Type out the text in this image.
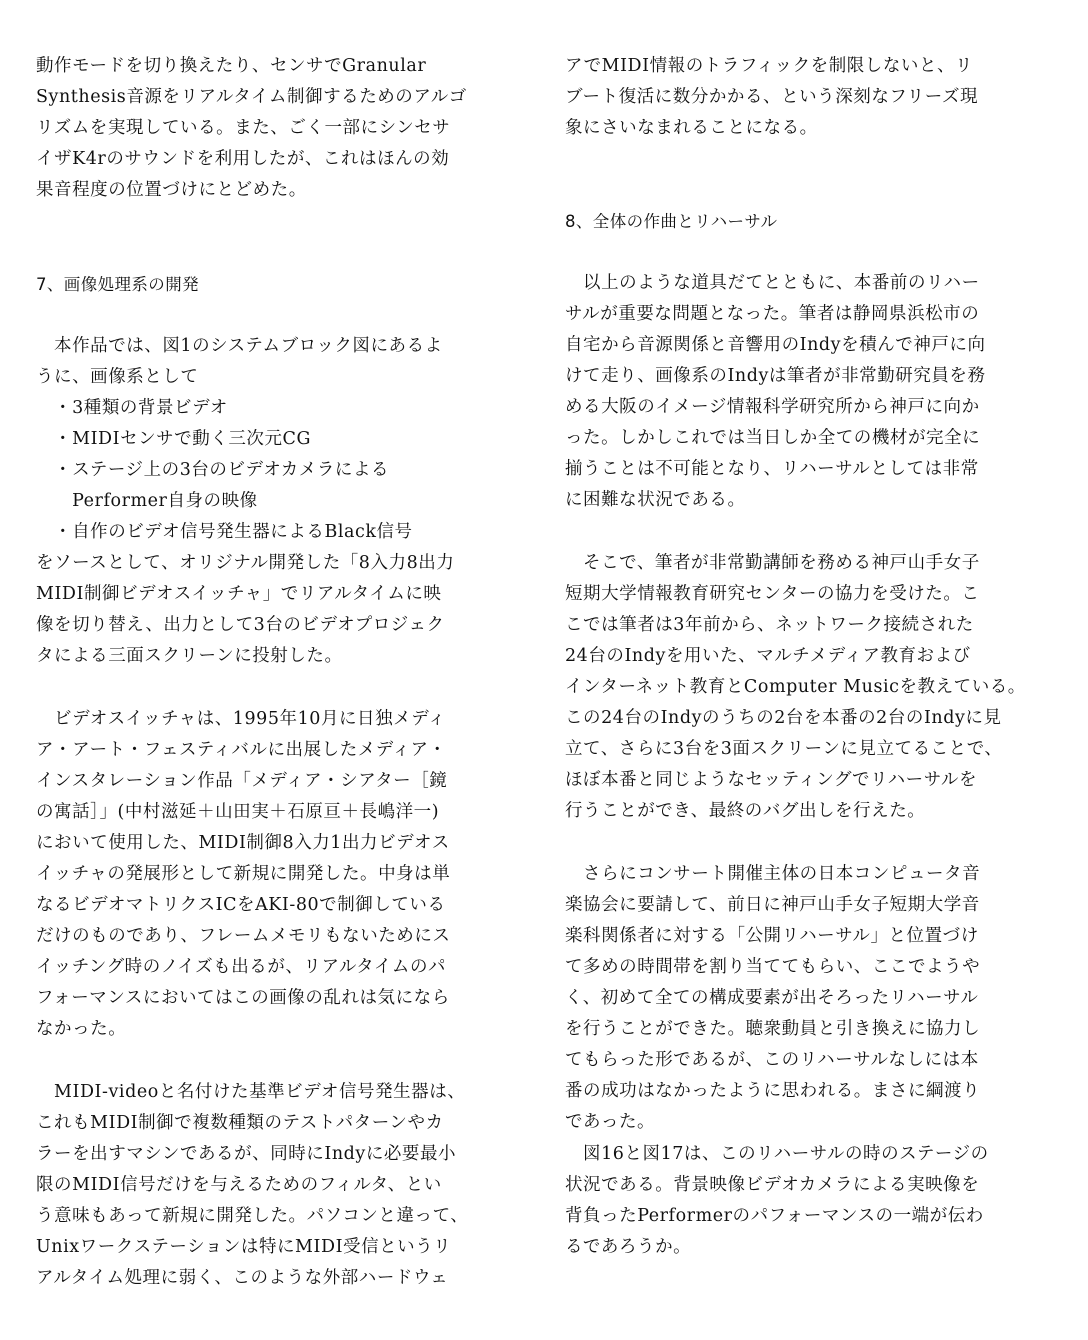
動作モードを切り換えたり、センサでGranular
Synthesis音源をリアルタイム制御するためのアルゴ
リズムを実現している。また、ごく一部にシンセサ
イザK4rのサウンドを利用したが、これはほんの効
果音程度の位置づけにとどめた。
7、画像処理系の開発
　本作品では、図1のシステムブロック図にあるよ
うに、画像系として
　・3種類の背景ビデオ
　・MIDIセンサで動く三次元CG
　・ステージ上の3台のビデオカメラによる
　　Performer自身の映像
　・自作のビデオ信号発生器によるBlack信号
をソースとして、オリジナル開発した「8入力8出力
MIDI制御ビデオスイッチャ」でリアルタイムに映
像を切り替え、出力として3台のビデオプロジェク
タによる三面スクリーンに投射した。
　ビデオスイッチャは、1995年10月に日独メディ
ア・アート・フェスティバルに出展したメディア・
インスタレーション作品「メディア・シアター［鏡
の寓話］」(中村滋延＋山田実＋石原亘＋長嶋洋一)
において使用した、MIDI制御8入力1出力ビデオス
イッチャの発展形として新規に開発した。中身は単
なるビデオマトリクスICをAKI-80で制御している
だけのものであり、フレームメモリもないためにス
イッチング時のノイズも出るが、リアルタイムのパ
フォーマンスにおいてはこの画像の乱れは気になら
なかった。
　MIDI-videoと名付けた基準ビデオ信号発生器は、
これもMIDI制御で複数種類のテストパターンやカ
ラーを出すマシンであるが、同時にIndyに必要最小
限のMIDI信号だけを与えるためのフィルタ、とい
う意味もあって新規に開発した。パソコンと違って、
Unixワークステーションは特にMIDI受信というリ
アルタイム処理に弱く、このような外部ハードウェ
アでMIDI情報のトラフィックを制限しないと、リ
ブート復活に数分かかる、という深刻なフリーズ現
象にさいなまれることになる。
8、全体の作曲とリハーサル
　以上のような道具だてとともに、本番前のリハー
サルが重要な問題となった。筆者は静岡県浜松市の
自宅から音源関係と音響用のIndyを積んで神戸に向
けて走り、画像系のIndyは筆者が非常勤研究員を務
める大阪のイメージ情報科学研究所から神戸に向か
った。しかしこれでは当日しか全ての機材が完全に
揃うことは不可能となり、リハーサルとしては非常
に困難な状況である。
　そこで、筆者が非常勤講師を務める神戸山手女子
短期大学情報教育研究センターの協力を受けた。こ
こでは筆者は3年前から、ネットワーク接続された
24台のIndyを用いた、マルチメディア教育および
インターネット教育とComputer Musicを教えている。
この24台のIndyのうちの2台を本番の2台のIndyに見
立て、さらに3台を3面スクリーンに見立てることで、
ほぼ本番と同じようなセッティングでリハーサルを
行うことができ、最終のバグ出しを行えた。
　さらにコンサート開催主体の日本コンピュータ音
楽協会に要請して、前日に神戸山手女子短期大学音
楽科関係者に対する「公開リハーサル」と位置づけ
て多めの時間帯を割り当ててもらい、ここでようや
く、初めて全ての構成要素が出そろったリハーサル
を行うことができた。聴衆動員と引き換えに協力し
てもらった形であるが、このリハーサルなしには本
番の成功はなかったように思われる。まさに綱渡り
であった。
　図16と図17は、このリハーサルの時のステージの
状況である。背景映像ビデオカメラによる実映像を
背負ったPerformerのパフォーマンスの一端が伝わ
るであろうか。
